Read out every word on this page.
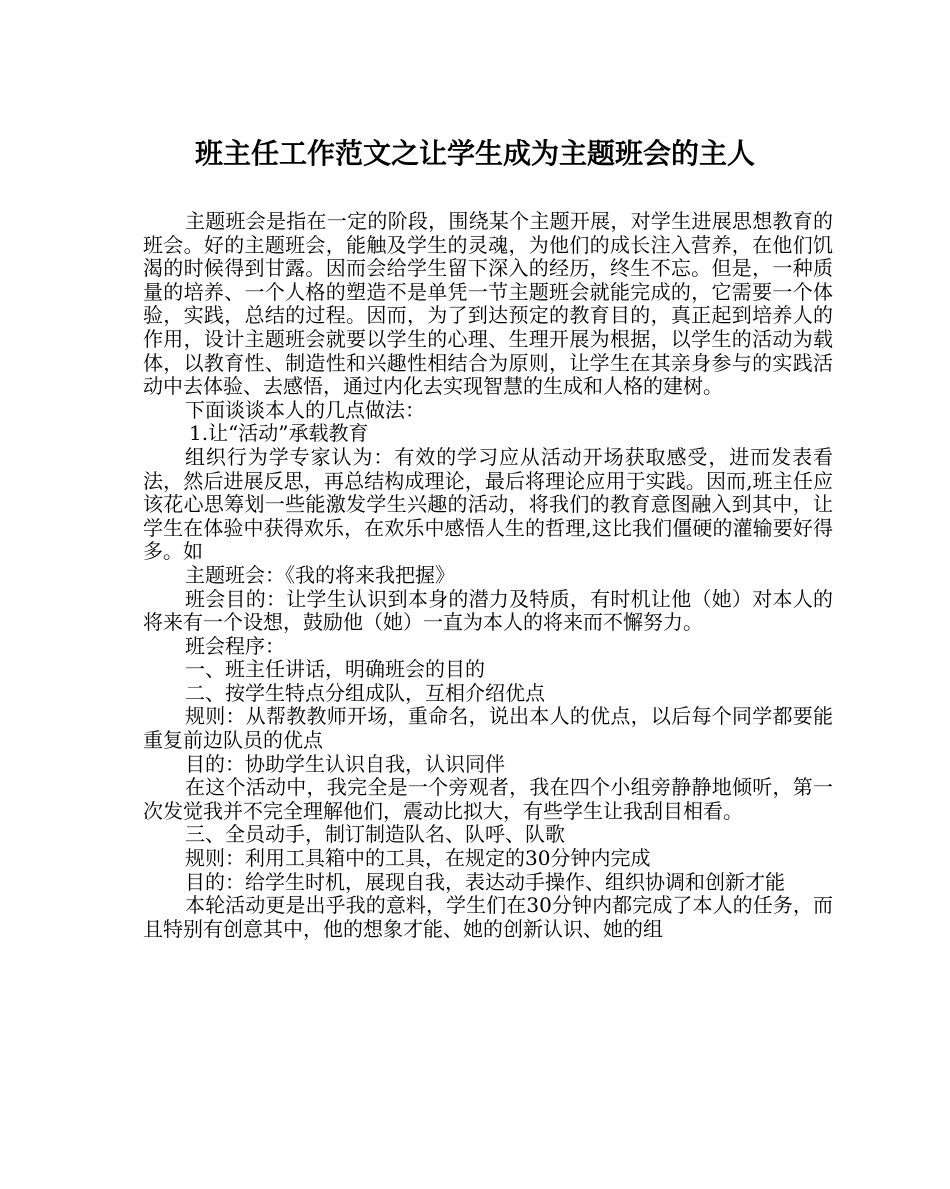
班主任工作范文之让学生成为主题班会的主人

主题班会是指在一定的阶段，围绕某个主题开展，对学生进展思想教育的班会。好的主题班会，能触及学生的灵魂，为他们的成长注入营养，在他们饥渴的时候得到甘露。因而会给学生留下深入的经历，终生不忘。但是，一种质量的培养、一个人格的塑造不是单凭一节主题班会就能完成的，它需要一个体验，实践，总结的过程。因而，为了到达预定的教育目的，真正起到培养人的作用，设计主题班会就要以学生的心理、生理开展为根据，以学生的活动为载体，以教育性、制造性和兴趣性相结合为原则，让学生在其亲身参与的实践活动中去体验、去感悟，通过内化去实现智慧的生成和人格的建树。

下面谈谈本人的几点做法：

1.让“活动”承载教育

组织行为学专家认为：有效的学习应从活动开场获取感受，进而发表看法，然后进展反思，再总结构成理论，最后将理论应用于实践。因而,班主任应该花心思筹划一些能激发学生兴趣的活动，将我们的教育意图融入到其中，让学生在体验中获得欢乐，在欢乐中感悟人生的哲理,这比我们僵硬的灌输要好得多。如

主题班会：《我的将来我把握》

班会目的：让学生认识到本身的潜力及特质，有时机让他（她）对本人的将来有一个设想，鼓励他（她）一直为本人的将来而不懈努力。

班会程序：

一、班主任讲话，明确班会的目的

二、按学生特点分组成队，互相介绍优点

规则：从帮教教师开场，重命名，说出本人的优点，以后每个同学都要能重复前边队员的优点

目的：协助学生认识自我，认识同伴

在这个活动中，我完全是一个旁观者，我在四个小组旁静静地倾听，第一次发觉我并不完全理解他们，震动比拟大，有些学生让我刮目相看。

三、全员动手，制订制造队名、队呼、队歌

规则：利用工具箱中的工具，在规定的30分钟内完成

目的：给学生时机，展现自我，表达动手操作、组织协调和创新才能

本轮活动更是出乎我的意料，学生们在30分钟内都完成了本人的任务，而且特别有创意其中，他的想象才能、她的创新认识、她的组
